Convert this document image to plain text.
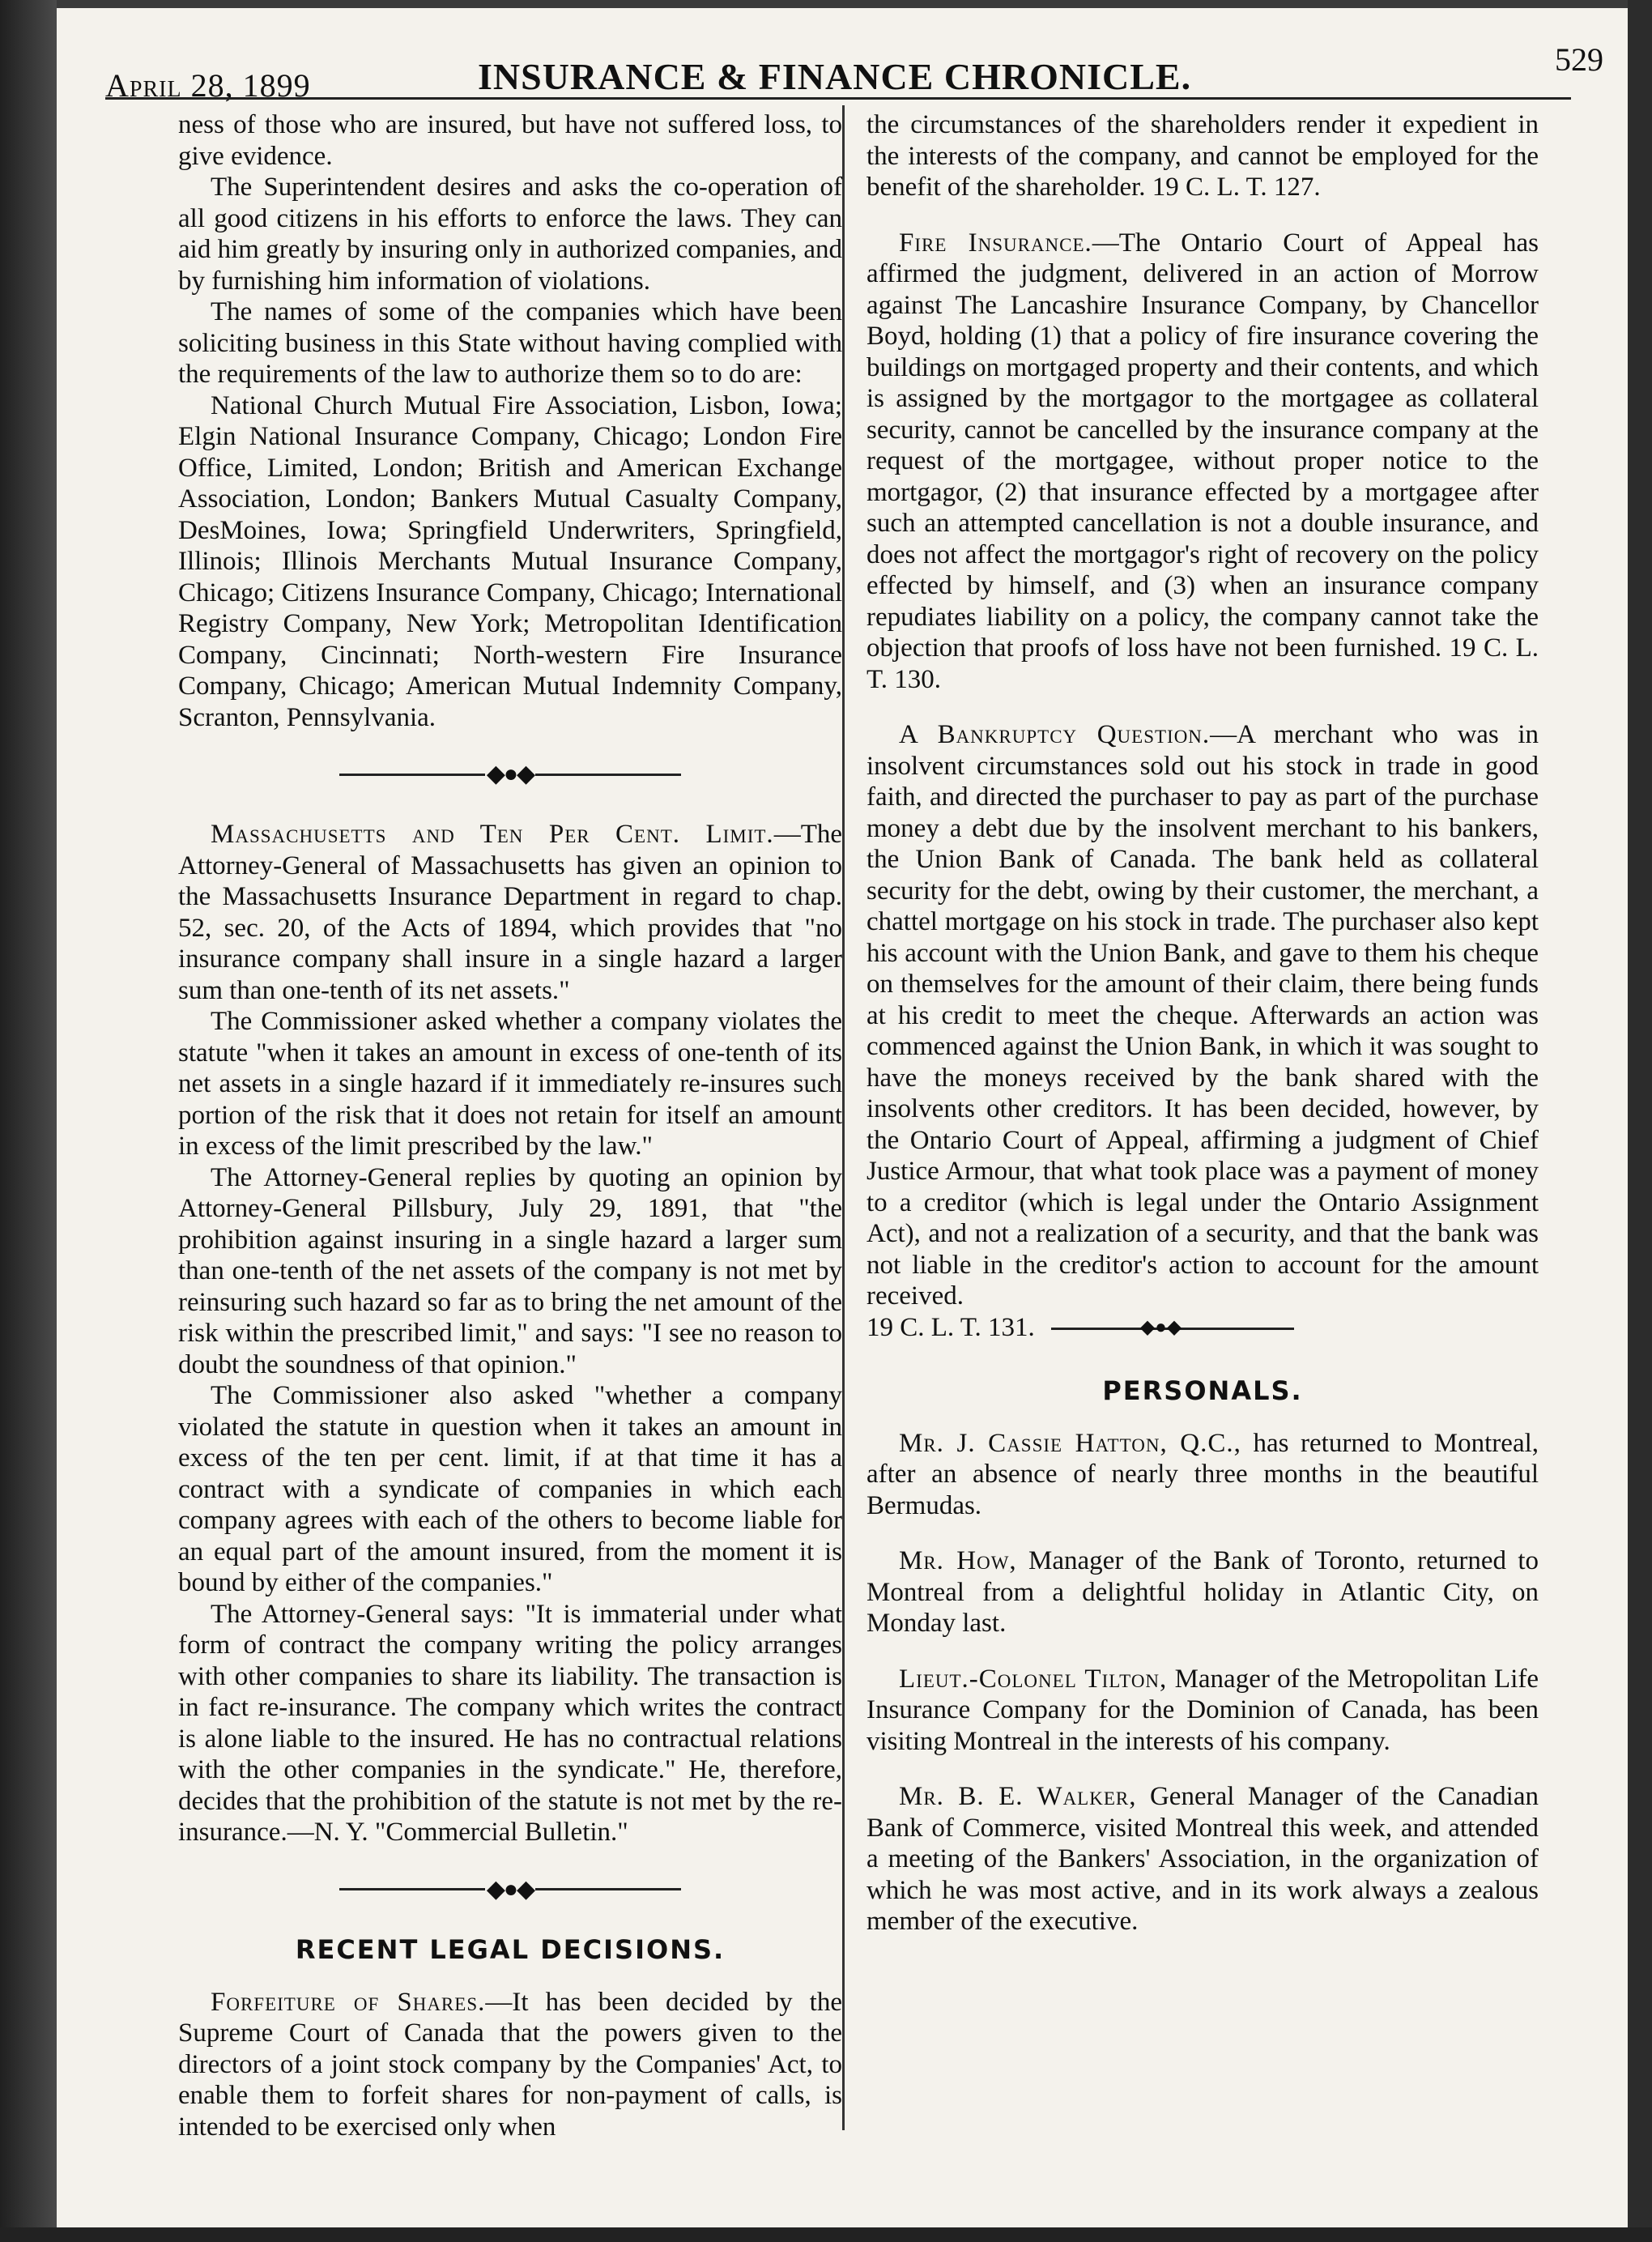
April 28, 1899	INSURANCE & FINANCE CHRONICLE.	529

ness of those who are insured, but have not suffered loss, to give evidence.

The Superintendent desires and asks the co-operation of all good citizens in his efforts to enforce the laws. They can aid him greatly by insuring only in authorized companies, and by furnishing him information of violations.

The names of some of the companies which have been soliciting business in this State without having complied with the requirements of the law to authorize them so to do are:

National Church Mutual Fire Association, Lisbon, Iowa; Elgin National Insurance Company, Chicago; London Fire Office, Limited, London; British and American Exchange Association, London; Bankers Mutual Casualty Company, DesMoines, Iowa; Springfield Underwriters, Springfield, Illinois; Illinois Merchants Mutual Insurance Company, Chicago; Citizens Insurance Company, Chicago; International Registry Company, New York; Metropolitan Identification Company, Cincinnati; North-western Fire Insurance Company, Chicago; American Mutual Indemnity Company, Scranton, Pennsylvania.

◆●◆

Massachusetts and Ten Per Cent. Limit.—The Attorney-General of Massachusetts has given an opinion to the Massachusetts Insurance Department in regard to chap. 52, sec. 20, of the Acts of 1894, which provides that "no insurance company shall insure in a single hazard a larger sum than one-tenth of its net assets."

The Commissioner asked whether a company violates the statute "when it takes an amount in excess of one-tenth of its net assets in a single hazard if it immediately re-insures such portion of the risk that it does not retain for itself an amount in excess of the limit prescribed by the law."

The Attorney-General replies by quoting an opinion by Attorney-General Pillsbury, July 29, 1891, that "the prohibition against insuring in a single hazard a larger sum than one-tenth of the net assets of the company is not met by reinsuring such hazard so far as to bring the net amount of the risk within the prescribed limit," and says: "I see no reason to doubt the soundness of that opinion."

The Commissioner also asked "whether a company violated the statute in question when it takes an amount in excess of the ten per cent. limit, if at that time it has a contract with a syndicate of companies in which each company agrees with each of the others to become liable for an equal part of the amount insured, from the moment it is bound by either of the companies."

The Attorney-General says: "It is immaterial under what form of contract the company writing the policy arranges with other companies to share its liability. The transaction is in fact re-insurance. The company which writes the contract is alone liable to the insured. He has no contractual relations with the other companies in the syndicate." He, therefore, decides that the prohibition of the statute is not met by the re-insurance.—N. Y. "Commercial Bulletin."

◆●◆
RECENT LEGAL DECISIONS.

Forfeiture of Shares.—It has been decided by the Supreme Court of Canada that the powers given to the directors of a joint stock company by the Companies' Act, to enable them to forfeit shares for non-payment of calls, is intended to be exercised only when

the circumstances of the shareholders render it expedient in the interests of the company, and cannot be employed for the benefit of the shareholder. 19 C. L. T. 127.

Fire Insurance.—The Ontario Court of Appeal has affirmed the judgment, delivered in an action of Morrow against The Lancashire Insurance Company, by Chancellor Boyd, holding (1) that a policy of fire insurance covering the buildings on mortgaged property and their contents, and which is assigned by the mortgagor to the mortgagee as collateral security, cannot be cancelled by the insurance company at the request of the mortgagee, without proper notice to the mortgagor, (2) that insurance effected by a mortgagee after such an attempted cancellation is not a double insurance, and does not affect the mortgagor's right of recovery on the policy effected by himself, and (3) when an insurance company repudiates liability on a policy, the company cannot take the objection that proofs of loss have not been furnished. 19 C. L. T. 130.

A Bankruptcy Question.—A merchant who was in insolvent circumstances sold out his stock in trade in good faith, and directed the purchaser to pay as part of the purchase money a debt due by the insolvent merchant to his bankers, the Union Bank of Canada. The bank held as collateral security for the debt, owing by their customer, the merchant, a chattel mortgage on his stock in trade. The purchaser also kept his account with the Union Bank, and gave to them his cheque on themselves for the amount of their claim, there being funds at his credit to meet the cheque. Afterwards an action was commenced against the Union Bank, in which it was sought to have the moneys received by the bank shared with the insolvents other creditors. It has been decided, however, by the Ontario Court of Appeal, affirming a judgment of Chief Justice Armour, that what took place was a payment of money to a creditor (which is legal under the Ontario Assignment Act), and not a realization of a security, and that the bank was not liable in the creditor's action to account for the amount received.

19 C. L. T. 131.◆●◆

PERSONALS.

Mr. J. Cassie Hatton, Q.C., has returned to Montreal, after an absence of nearly three months in the beautiful Bermudas.

Mr. How, Manager of the Bank of Toronto, returned to Montreal from a delightful holiday in Atlantic City, on Monday last.

Lieut.-Colonel Tilton, Manager of the Metropolitan Life Insurance Company for the Dominion of Canada, has been visiting Montreal in the interests of his company.

Mr. B. E. Walker, General Manager of the Canadian Bank of Commerce, visited Montreal this week, and attended a meeting of the Bankers' Association, in the organization of which he was most active, and in its work always a zealous member of the executive.
